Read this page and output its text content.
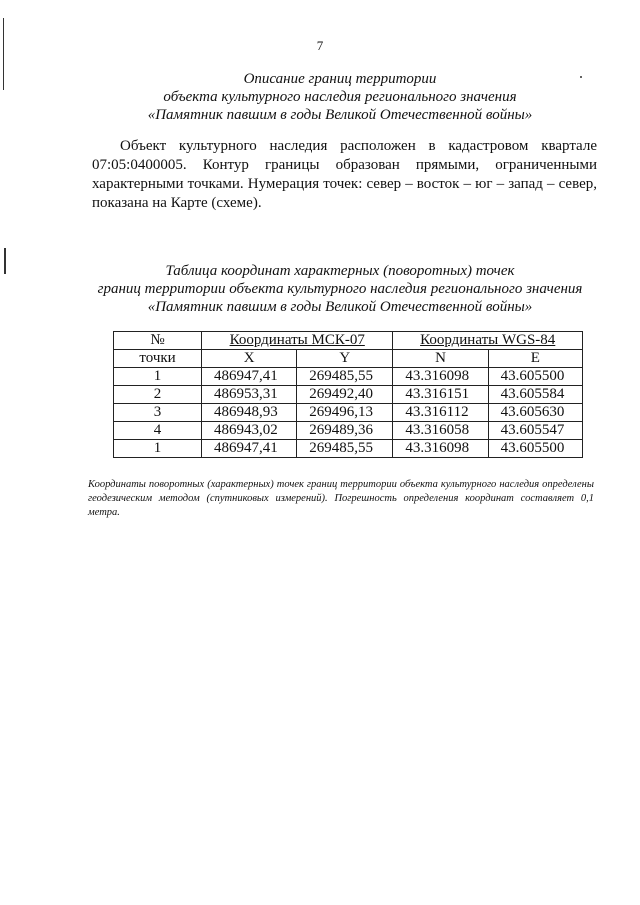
7
Описание границ территории
объекта культурного наследия регионального значения
«Памятник павшим в годы Великой Отечественной войны»
Объект культурного наследия расположен в кадастровом квартале 07:05:0400005. Контур границы образован прямыми, ограниченными характерными точками. Нумерация точек: север – восток – юг – запад – север, показана на Карте (схеме).
Таблица координат характерных (поворотных) точек
границ территории объекта культурного наследия регионального значения
«Памятник павшим в годы Великой Отечественной войны»
№	Координаты МСК-07		Координаты WGS-84	
точки	X	Y	N	E
1	486947,41	269485,55	43.316098	43.605500
2	486953,31	269492,40	43.316151	43.605584
3	486948,93	269496,13	43.316112	43.605630
4	486943,02	269489,36	43.316058	43.605547
1	486947,41	269485,55	43.316098	43.605500
Координаты поворотных (характерных) точек границ территории объекта культурного наследия определены геодезическим методом (спутниковых измерений). Погрешность определения координат составляет 0,1 метра.
